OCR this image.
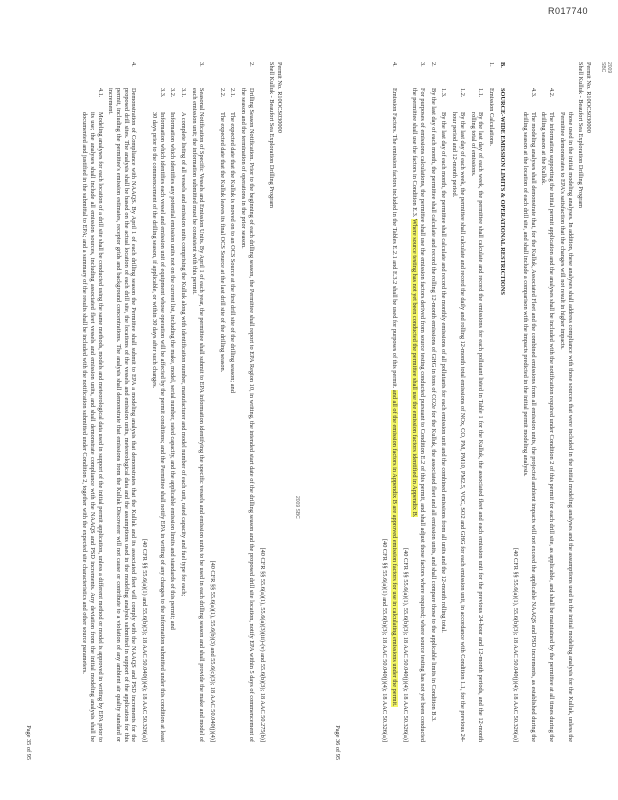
R017740

Permit No. R10OCS030000

Shell Kulluk - Beaufort Sea Exploration Drilling Program

[40 CFR §§ 55.6(a)(1), 55.6(a)(3)(iii)-(v) and 55.6(b)(3); 18 AAC 50.275(b)]

2.
Drilling Season Notification. Prior to the beginning of each drilling season, the Permittee shall report to EPA Region 10, in writing, the intended start date of the drilling season and the proposed drill site location, notify EPA within 5 days of commencement of the season and the termination of operations in the prior season.
2.1.
The expected date that the Kulluk is moved on to an OCS Source at the first drill site of the drilling season; and
2.2.
The expected date that the Kulluk leaves its final OCS Source at the last drill site of the drilling season.

[40 CFR §§ 55.6(a)(1), 55.6(b)(3) and 55.6(c)(3); 18 AAC 50.040(j)(4)]

3.
Seasonal Notification of Specific Vessels and Emission Units. By April 1 of each year, the permittee shall submit to EPA information identifying the specific vessels and emission units to be used in each drilling season and shall provide the make and model of each emission unit; the information submitted must be consistent with this permit.
3.1.
A complete listing of all vessels and emission units comprising the Kulluk along with identification number, manufacturer and model number of each unit, rated capacity and fuel type for each;
3.2.
Information which identifies any potential emission units not on the current list, including the make, model, serial number, rated capacity, and the applicable emission limits and standards of this permit; and
3.3.
Information which identifies each vessel and emission unit of equipment whose operation will be affected by the permit conditions; and the Permittee shall notify EPA in writing of any changes to the information submitted under this condition at least 30 days prior to the commencement of the drilling season, if applicable, or within 30 days after such changes.

[40 CFR §§ 55.6(a)(1) and 55.6(b)(3); 18 AAC 50.040(j)(4); 18 AAC 50.326(a)]

4.
Demonstration of Compliance with NAAQS. By April 1 of each drilling season the Permittee shall submit to EPA a modeling analysis that demonstrates that the Kulluk and its associated fleet will comply with the NAAQS and PSD increments for the proposed drill sites. The analysis shall be based on the actual location of each drill site, the locations of the vessels and emission units, meteorological data and the assumptions used in the modeling analysis submitted in support of the application for this permit, including the permittee's emission estimates, receptor grids and background concentrations. The analysis shall demonstrate that emissions from the Kulluk Discoverer will not cause or contribute to a violation of any ambient air quality standard or increment.
4.1.
Modeling analyses for each location of a drill site shall be conducted using the same methods, models and meteorological data used in support of the initial permit application, unless a different method or model is approved in writing by EPA prior to its use; the analyses shall include all emission sources, including associated fleet vessels and emission units, and shall demonstrate compliance with the NAAQS and PSD increments. Any deviation from the initial modeling analysis shall be documented and justified in the submittal to EPA; and a summary of the results shall be included with the notification submitted under Condition 2, together with the expected site characteristics and other source parameters.
Page 35 of 95

Permit No. R10OCS030000

Shell Kulluk - Beaufort Sea Exploration Drilling Program

those used in the initial modeling analyses. In addition, these analyses shall address compliance with those sources that were included in the initial modeling analyses and the assumptions used in the initial modeling analysis for the Kulluk, unless the Permittee demonstrates to EPA's satisfaction that the changes will not result in higher impacts.
4.2.
The information supporting the initial permit application and the analyses shall be included with the notification required under Condition 2 of this permit for each drill site, as applicable, and shall be maintained by the permittee at all times during the drilling season at the Kulluk.
4.3.
The modeling analyses shall demonstrate that, for the Kulluk, Associated Fleet and the combined emissions from all emission units, the projected ambient impacts will not exceed the applicable NAAQS and PSD increments, as established during the drilling season at the location of each drill site, and shall include a comparison with the impacts predicted in the initial permit modeling analysis.

[40 CFR §§ 55.6(a)(1), 55.6(b)(3); 18 AAC 50.040(j)(4); 18 AAC 50.326(a)]

B.
SOURCE-WIDE EMISSION LIMITS & OPERATIONAL RESTRICTIONS
1.
Emission Calculations.
1.1.
By the last day of each week, the permittee shall calculate and record the emissions for each pollutant listed in Table 1 for the Kulluk, the associated fleet and each emission unit for the previous 24-hour and 12-month periods, and the 12-month rolling total of emissions.
1.2.
By the last day of each week, the permittee shall calculate and record the daily and rolling 12-month total emissions of NOx, CO, PM, PM10, PM2.5, VOC, SO2 and GHG for each emission unit, in accordance with Condition 1.1, for the previous 24-hour period and 12-month period.
1.3.
By the last day of each month, the permittee shall calculate and record the monthly emissions of all pollutants for each emission unit and the combined emissions from all units and the 12-month rolling total.
2.
By the last day of each month, the permittee shall calculate and record the rolling 12-month emissions of GHG in tons of CO2e for the Kulluk, the associated fleet and all emission units, and shall compare those to the applicable limits in Condition B.3.
3.
For purposes of emissions calculations, the permittee shall use the emission factors derived from source testing conducted pursuant to Condition E.2 of this permit, and shall adjust those factors where required; where source testing has not yet been conducted the permittee shall use the factors in Condition E.3. Where source testing has not yet been conducted the permittee shall use the emission factors identified in Appendix B.

[40 CFR §§ 55.6(a)(1), 55.6(b)(3); 18 AAC 50.040(j)(4); 18 AAC 50.326(a)]

4.
Emission Factors. The emission factors included in the Tables E.2.1 and E.3.2 shall be used for purposes of this permit. and all of the emission factors in Appendix B are approved emission factors for use in calculating emissions under the permit.

[40 CFR §§ 55.6(a)(1) and 55.6(b)(3); 18 AAC 50.040(j)(4); 18 AAC 50.326(a)]

Page 36 of 95
2009 SBC
2009 SBC
